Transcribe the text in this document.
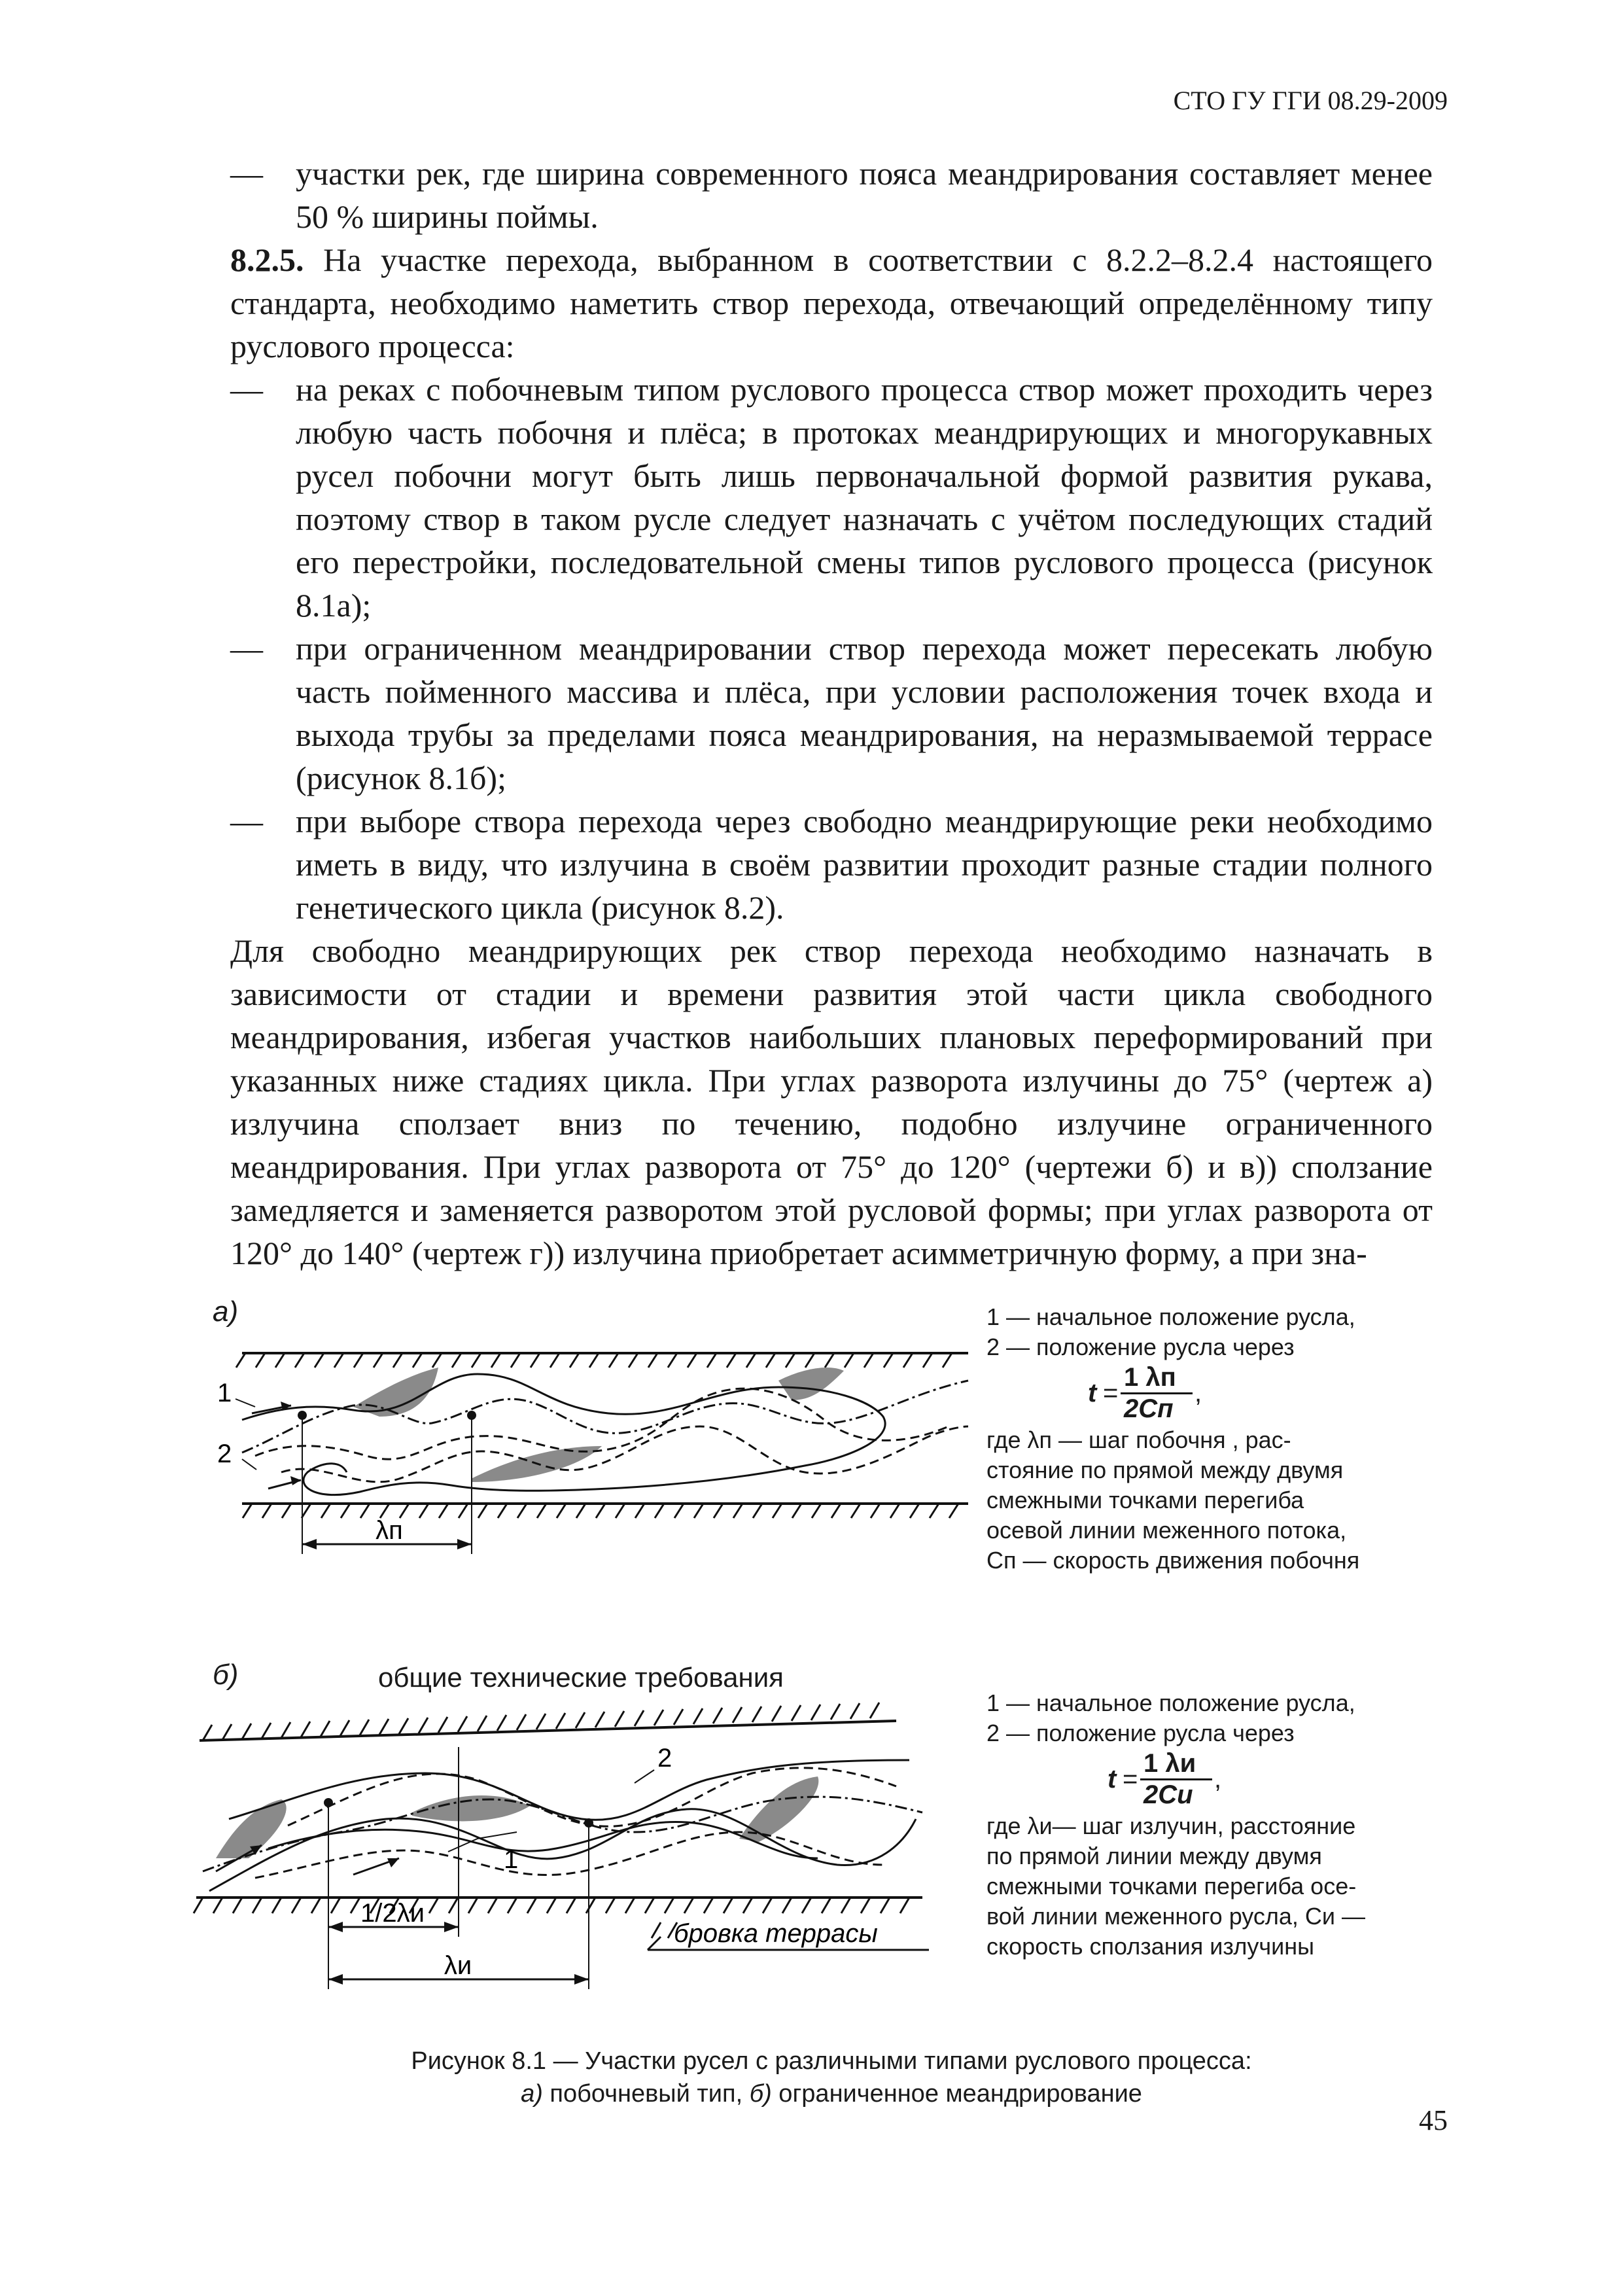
СТО ГУ ГГИ 08.29-2009
— участки рек, где ширина современного пояса меандрирования составляет менее 50 % ширины поймы.
8.2.5. На участке перехода, выбранном в соответствии с 8.2.2–8.2.4 настоящего стандарта, необходимо наметить створ перехода, отвечающий определённому типу руслового процесса:
— на реках с побочневым типом руслового процесса створ может проходить через любую часть побочня и плёса; в протоках меандрирующих и многорукавных русел побочни могут быть лишь первоначальной формой развития рукава, поэтому створ в таком русле следует назначать с учётом последующих стадий его перестройки, последовательной смены типов руслового процесса (рисунок 8.1а);
— при ограниченном меандрировании створ перехода может пересекать любую часть пойменного массива и плёса, при условии расположения точек входа и выхода трубы за пределами пояса меандрирования, на неразмываемой террасе (рисунок 8.1б);
— при выборе створа перехода через свободно меандрирующие реки необходимо иметь в виду, что излучина в своём развитии проходит разные стадии полного генетического цикла (рисунок 8.2).
Для свободно меандрирующих рек створ перехода необходимо назначать в зависимости от стадии и времени развития этой части цикла свободного меандрирования, избегая участков наибольших плановых переформирований при указанных ниже стадиях цикла. При углах разворота излучины до 75° (чертеж а) излучина сползает вниз по течению, подобно излучине ограниченного меандрирования. При углах разворота от 75° до 120° (чертежи б) и в)) сползание замедляется и заменяется разворотом этой русловой формы; при углах разворота от 120° до 140° (чертеж г)) излучина приобретает асимметричную форму, а при зна-
а)
1
2
λп
1 — начальное положение русла,
2 — положение русла через
t =
1 λп
2Сп
,
где λп — шаг побочня , рас-
стояние по прямой между двумя
смежными точками перегиба
осевой линии меженного потока,
Сп — скорость движения побочня
б)	общие технические требования
1
2
1/2λи
λи
бровка террасы
1 — начальное положение русла,
2 — положение русла через
t =
1 λи
2Си
,
где λи— шаг излучин, расстояние
по прямой линии между двумя
смежными точками перегиба осе-
вой линии меженного русла, Си —
скорость сползания излучины
Рисунок 8.1 — Участки русел с различными типами руслового процесса:
а) побочневый тип, б) ограниченное меандрирование
45
